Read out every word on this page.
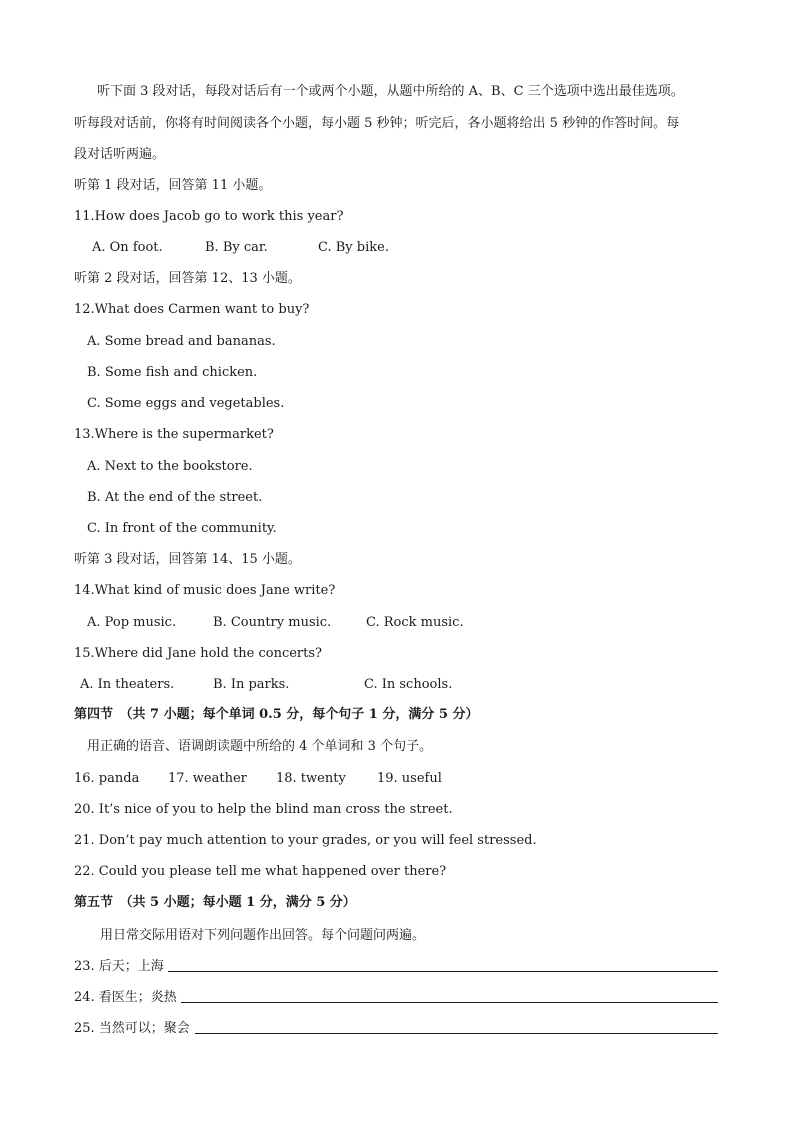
听下面 3 段对话，每段对话后有一个或两个小题，从题中所给的 A、B、C 三个选项中选出最佳选项。
听每段对话前，你将有时间阅读各个小题，每小题 5 秒钟；听完后，各小题将给出 5 秒钟的作答时间。每
段对话听两遍。
听第 1 段对话，回答第 11 小题。
11.How does Jacob go to work this year?
A. On foot.	B. By car.	C. By bike.
听第 2 段对话，回答第 12、13 小题。
12.What does Carmen want to buy?
A. Some bread and bananas.
B. Some fish and chicken.
C. Some eggs and vegetables.
13.Where is the supermarket?
A. Next to the bookstore.
B. At the end of the street.
C. In front of the community.
听第 3 段对话，回答第 14、15 小题。
14.What kind of music does Jane write?
A. Pop music.	B. Country music.	C. Rock music.
15.Where did Jane hold the concerts?
A. In theaters.	B. In parks.	C. In schools.
第四节　（共 7 小题；每个单词 0.5 分，每个句子 1 分，满分 5 分）
用正确的语音、语调朗读题中所给的 4 个单词和 3 个句子。
16. panda 17. weather 18. twenty 19. useful
20. It’s nice of you to help the blind man cross the street.
21. Don’t pay much attention to your grades, or you will feel stressed.
22. Could you please tell me what happened over there?
第五节　（共 5 小题；每小题 1 分，满分 5 分）
用日常交际用语对下列问题作出回答。每个问题问两遍。
23. 后天；上海
24. 看医生；炎热
25. 当然可以；聚会
